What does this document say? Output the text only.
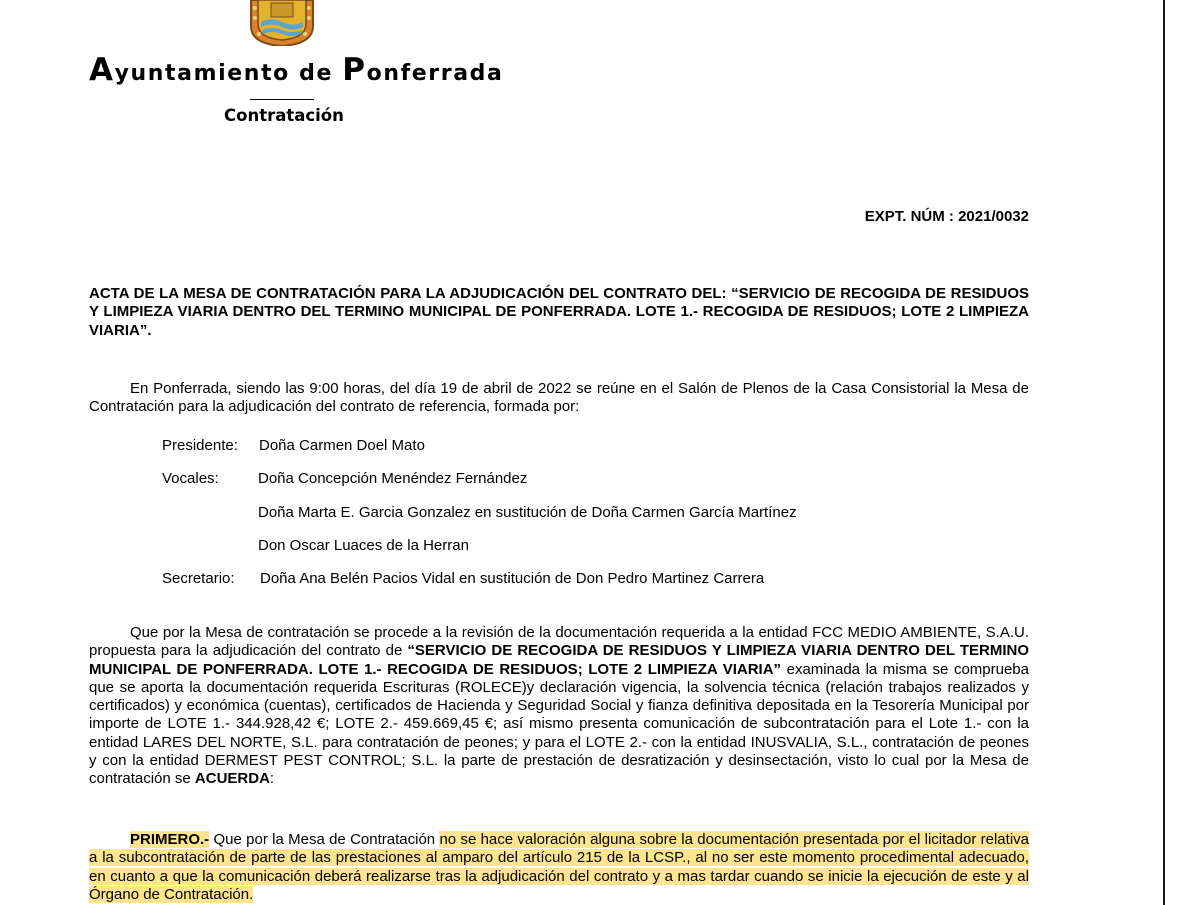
Ayuntamiento de Ponferrada
Contratación
EXPT. NÚM : 2021/0032

ACTA DE LA MESA DE CONTRATACIÓN PARA LA ADJUDICACIÓN DEL CONTRATO DEL: “SERVICIO DE RECOGIDA DE RESIDUOS Y LIMPIEZA VIARIA DENTRO DEL TERMINO MUNICIPAL DE PONFERRADA. LOTE 1.- RECOGIDA DE RESIDUOS; LOTE 2 LIMPIEZA VIARIA”.

En Ponferrada, siendo las 9:00 horas, del día 19 de abril de 2022 se reúne en el Salón de Plenos de la Casa Consistorial la Mesa de Contratación para la adjudicación del contrato de referencia, formada por:

Presidente: Doña Carmen Doel Mato
Vocales:	Doña Concepción Menéndez Fernández
Doña Marta E. Garcia Gonzalez en sustitución de Doña Carmen García Martínez
Don Oscar Luaces de la Herran
Secretario: Doña Ana Belén Pacios Vidal en sustitución de Don Pedro Martinez Carrera

Que por la Mesa de contratación se procede a la revisión de la documentación requerida a la entidad FCC MEDIO AMBIENTE, S.A.U. propuesta para la adjudicación del contrato de “SERVICIO DE RECOGIDA DE RESIDUOS Y LIMPIEZA VIARIA DENTRO DEL TERMINO MUNICIPAL DE PONFERRADA. LOTE 1.- RECOGIDA DE RESIDUOS; LOTE 2 LIMPIEZA VIARIA” examinada la misma se comprueba que se aporta la documentación requerida Escrituras (ROLECE)y declaración vigencia, la solvencia técnica (relación trabajos realizados y certificados) y económica (cuentas), certificados de Hacienda y Seguridad Social y fianza definitiva depositada en la Tesorería Municipal por importe de LOTE 1.- 344.928,42 €; LOTE 2.- 459.669,45 €; así mismo presenta comunicación de subcontratación para el Lote 1.- con la entidad LARES DEL NORTE, S.L. para contratación de peones; y para el LOTE 2.- con la entidad INUSVALIA, S.L., contratación de peones y con la entidad DERMEST PEST CONTROL; S.L. la parte de prestación de desratización y desinsectación, visto lo cual por la Mesa de contratación se ACUERDA:

PRIMERO.- Que por la Mesa de Contratación no se hace valoración alguna sobre la documentación presentada por el licitador relativa a la subcontratación de parte de las prestaciones al amparo del artículo 215 de la LCSP., al no ser este momento procedimental adecuado, en cuanto a que la comunicación deberá realizarse tras la adjudicación del contrato y a mas tardar cuando se inicie la ejecución de este y al Órgano de Contratación.
